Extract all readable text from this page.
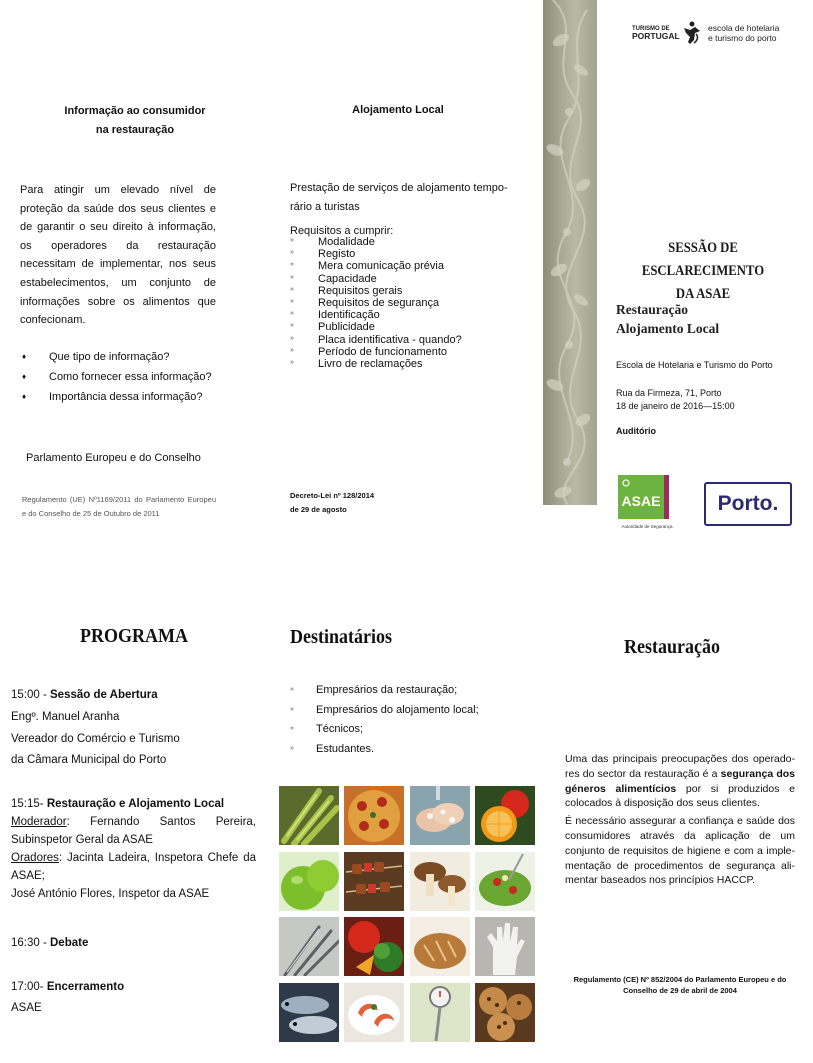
Informação ao consumidor
na restauração
Para atingir um elevado nível de proteção da saúde dos seus clientes e de garantir o seu direito à informação, os operadores da restauração necessitam de implementar, nos seus estabelecimentos, um conjunto de informações sobre os alimentos que confecionam.
♦ Que tipo de informação?
♦ Como fornecer essa informação?
♦ Importância dessa informação?
Parlamento Europeu e do Conselho
Regulamento (UE) Nº1169/2011 do Parlamento Europeu e do Conselho de 25 de Outubro de 2011
Alojamento Local
Prestação de serviços de alojamento tempo-
rário a turistas
Requisitos a cumprir:
» Modalidade
» Registo
» Mera comunicação prévia
» Capacidade
» Requisitos gerais
» Requisitos de segurança
» Identificação
» Publicidade
» Placa identificativa - quando?
» Período de funcionamento
» Livro de reclamações
Decreto-Lei nº 128/2014
de 29 de agosto
TURISMO DE
PORTUGAL
escola de hotelaria
e turismo do porto
SESSÃO DE ESCLARECIMENTO
DA ASAE
Restauração
Alojamento Local
Escola de Hotelaria e Turismo do Porto
Rua da Firmeza, 71, Porto
18 de janeiro de 2016—15:00
Auditório
ASAE
Autoridade de Segurança
Porto.
PROGRAMA
15:00 - Sessão de Abertura
Engº. Manuel Aranha
Vereador do Comércio e Turismo
da Câmara Municipal do Porto
15:15- Restauração e Alojamento Local
Moderador: Fernando Santos Pereira, Subinspetor Geral da ASAE
Oradores: Jacinta Ladeira, Inspetora Chefe da ASAE;
José António Flores, Inspetor da ASAE
16:30 - Debate
17:00- Encerramento
ASAE
Destinatários
» Empresários da restauração;
» Empresários do alojamento local;
» Técnicos;
» Estudantes.
Restauração

Uma das principais preocupações dos operado-res do sector da restauração é a segurança dos géneros alimentícios por si produzidos e colocados à disposição dos seus clientes.

É necessário assegurar a confiança e saúde dos consumidores através da aplicação de um conjunto de requisitos de higiene e com a imple-mentação de procedimentos de segurança ali-mentar baseados nos princípios HACCP.

Regulamento (CE) Nº 852/2004 do Parlamento Europeu e do Conselho de 29 de abril de 2004
